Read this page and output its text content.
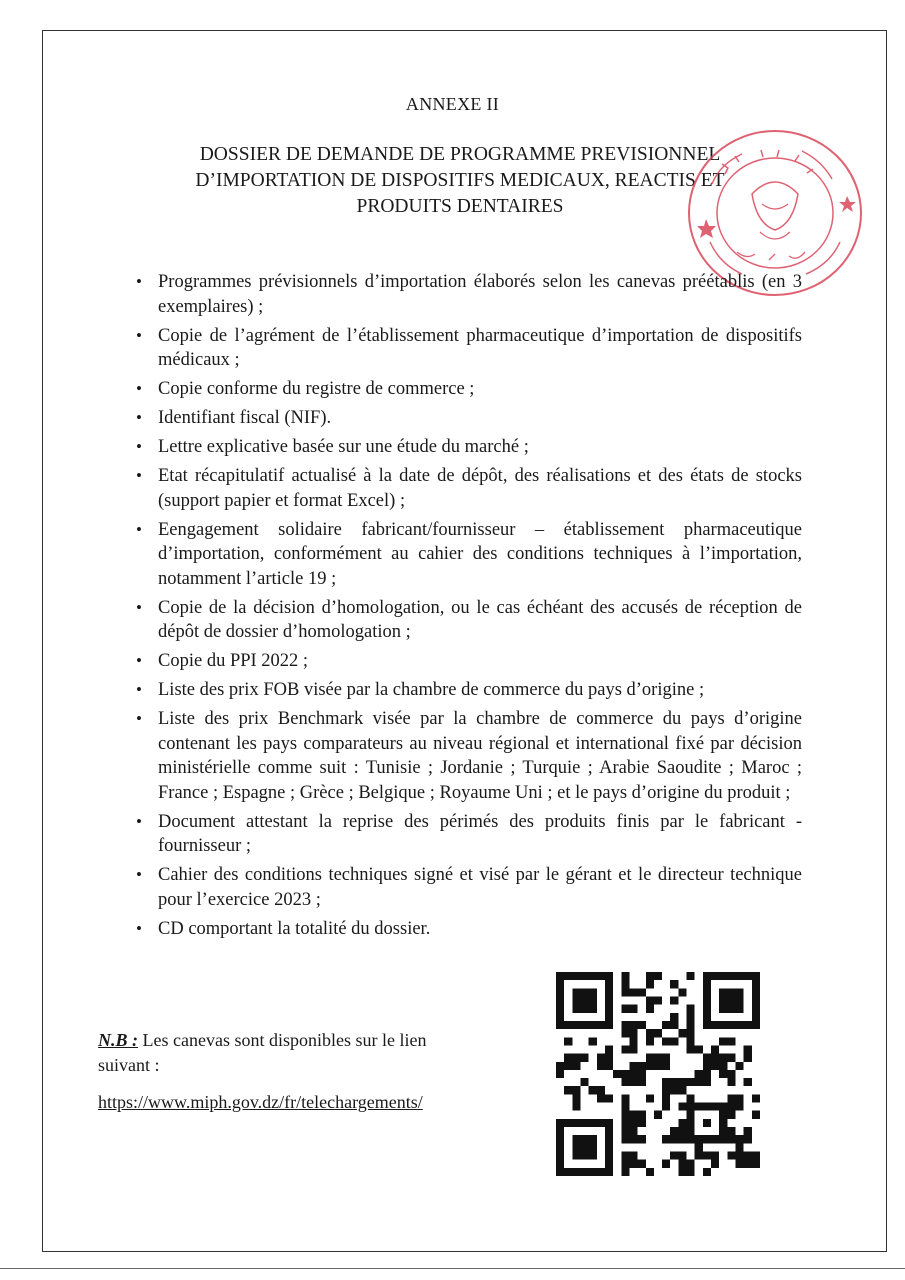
ANNEXE II
DOSSIER DE DEMANDE DE PROGRAMME PREVISIONNEL
D’IMPORTATION DE DISPOSITIFS MEDICAUX, REACTIS ET
PRODUITS DENTAIRES
• Programmes prévisionnels d’importation élaborés selon les canevas préétablis (en 3 exemplaires) ;
• Copie de l’agrément de l’établissement pharmaceutique d’importation de dispositifs médicaux ;
• Copie conforme du registre de commerce ;
• Identifiant fiscal (NIF).
• Lettre explicative basée sur une étude du marché ;
• Etat récapitulatif actualisé à la date de dépôt, des réalisations et des états de stocks (support papier et format Excel) ;
• Eengagement solidaire fabricant/fournisseur – établissement pharmaceutique d’importation, conformément au cahier des conditions techniques à l’importation, notamment l’article 19 ;
• Copie de la décision d’homologation, ou le cas échéant des accusés de réception de dépôt de dossier d’homologation ;
• Copie du PPI 2022 ;
• Liste des prix FOB visée par la chambre de commerce du pays d’origine ;
• Liste des prix Benchmark visée par la chambre de commerce du pays d’origine contenant les pays comparateurs au niveau régional et international fixé par décision ministérielle comme suit : Tunisie ; Jordanie ; Turquie ; Arabie Saoudite ; Maroc ; France ; Espagne ; Grèce ; Belgique ; Royaume Uni ; et le pays d’origine du produit ;
• Document attestant la reprise des périmés des produits finis par le fabricant - fournisseur ;
• Cahier des conditions techniques signé et visé par le gérant et le directeur technique pour l’exercice 2023 ;
• CD comportant la totalité du dossier.
N.B : Les canevas sont disponibles sur le lien suivant :
https://www.miph.gov.dz/fr/telechargements/
